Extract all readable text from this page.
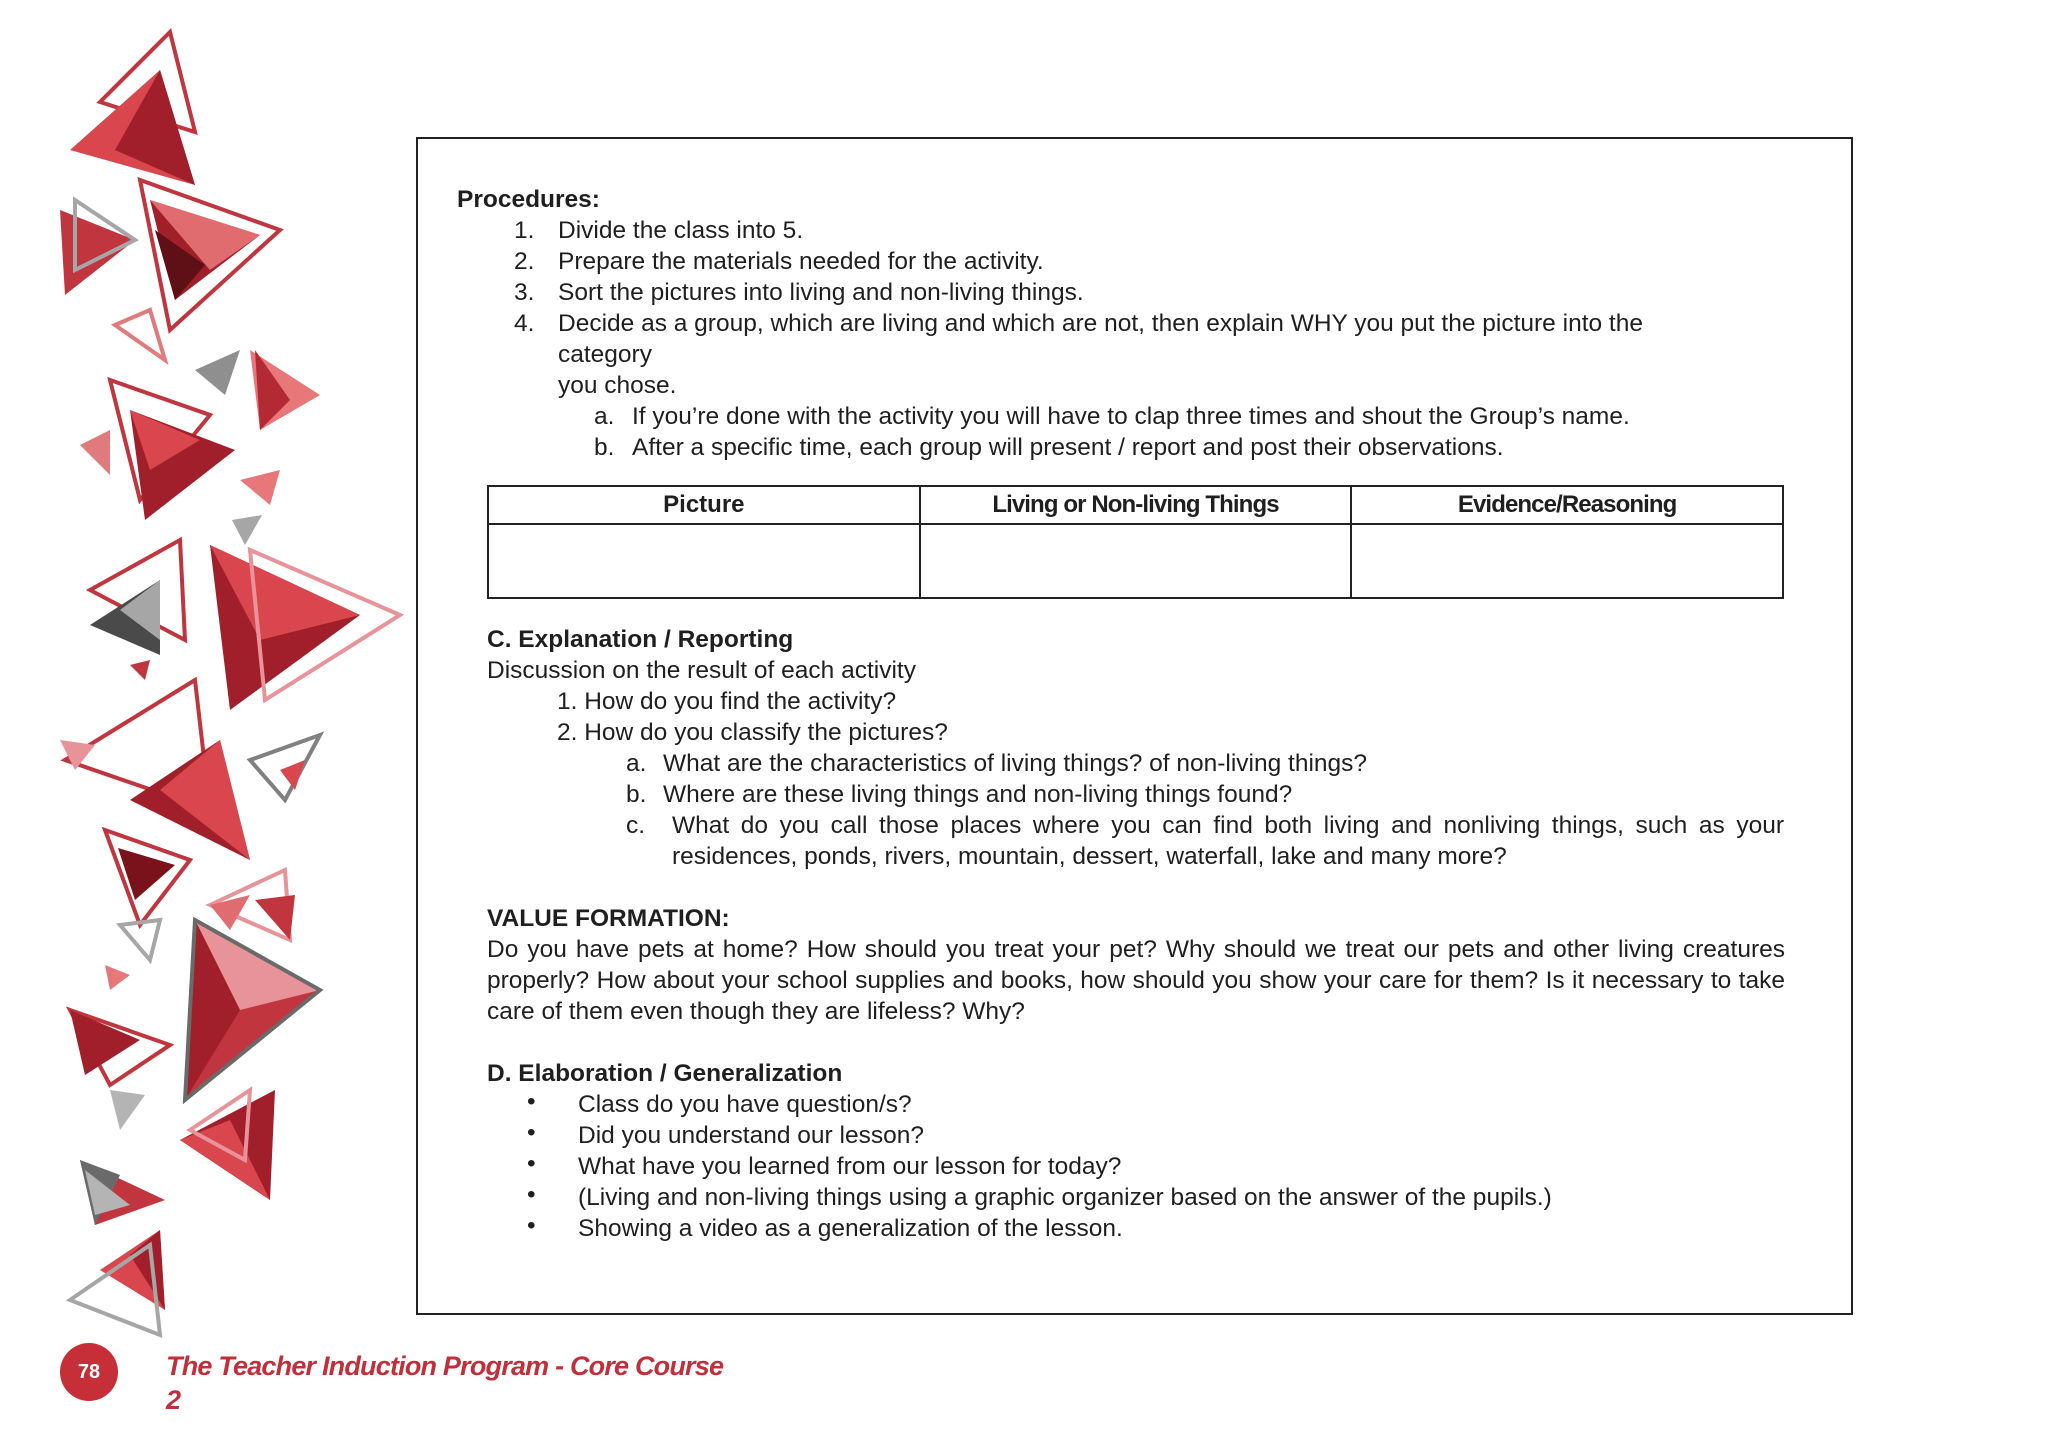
Procedures:
1. Divide the class into 5.
2. Prepare the materials needed for the activity.
3. Sort the pictures into living and non-living things.
4. Decide as a group, which are living and which are not, then explain WHY you put the picture into the
category
you chose.
a. If you’re done with the activity you will have to clap three times and shout the Group’s name.
b. After a specific time, each group will present / report and post their observations.
Picture	Living or Non-living Things	Evidence/Reasoning

C. Explanation / Reporting
Discussion on the result of each activity
1. How do you find the activity?
2. How do you classify the pictures?
a. What are the characteristics of living things? of non-living things?
b. Where are these living things and non-living things found?
c. What do you call those places where you can find both living and nonliving things, such as your residences, ponds, rivers, mountain, dessert, waterfall, lake and many more?
VALUE FORMATION:
Do you have pets at home? How should you treat your pet? Why should we treat our pets and other living creatures properly? How about your school supplies and books, how should you show your care for them? Is it necessary to take care of them even though they are lifeless? Why?
D. Elaboration / Generalization
• Class do you have question/s?
• Did you understand our lesson?
• What have you learned from our lesson for today?
• (Living and non-living things using a graphic organizer based on the answer of the pupils.)
• Showing a video as a generalization of the lesson.
78	The Teacher Induction Program - Core Course
2
